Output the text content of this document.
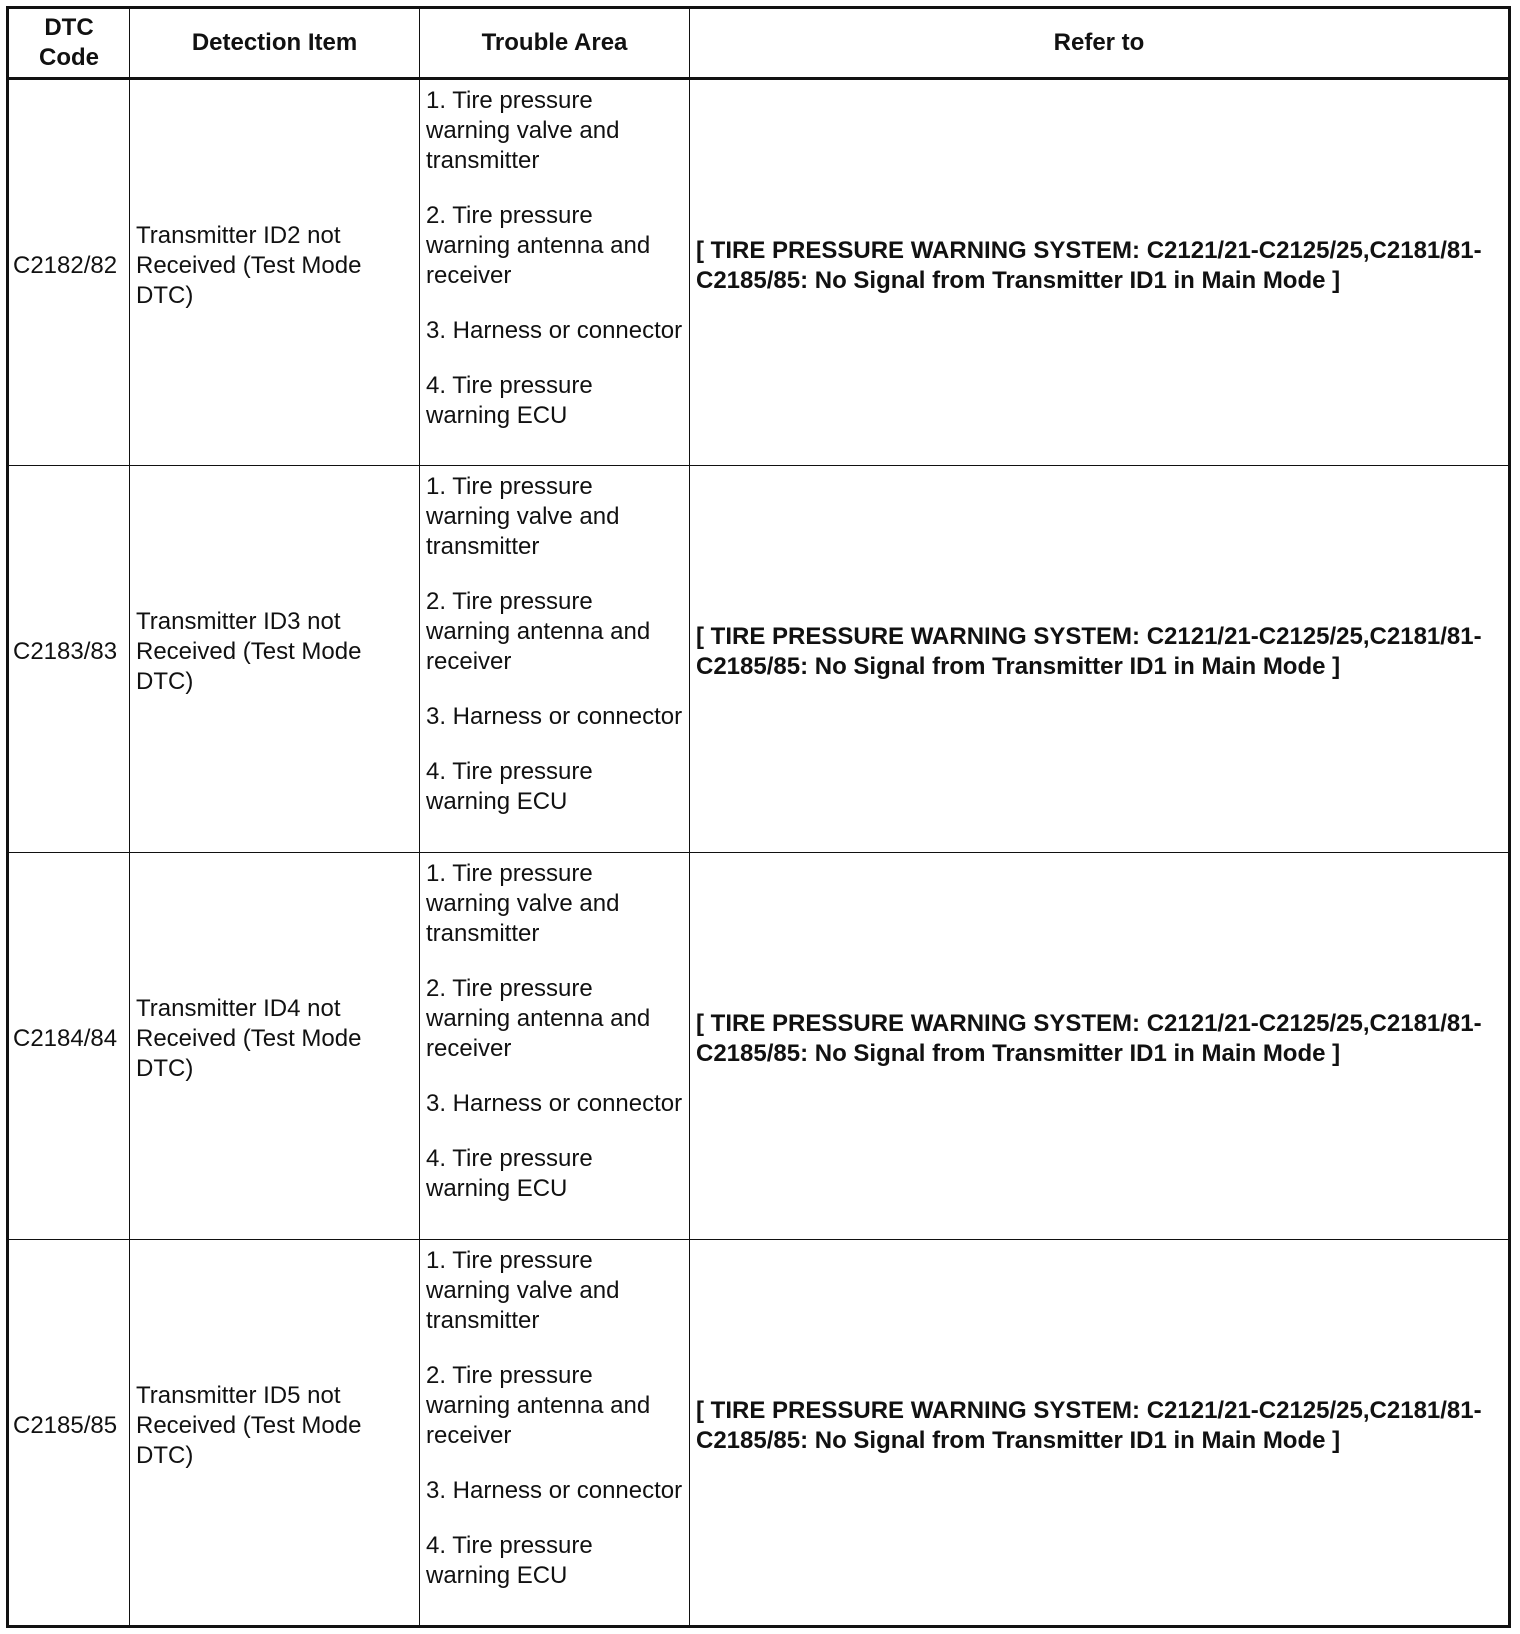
DTC Code	Detection Item	Trouble Area	Refer to
C2182/82	Transmitter ID2 not Received (Test Mode DTC)	1. Tire pressure warning valve and transmitter

2. Tire pressure warning antenna and receiver

3. Harness or connector

4. Tire pressure warning ECU	[ TIRE PRESSURE WARNING SYSTEM: C2121/21-C2125/25,C2181/81-C2185/85: No Signal from Transmitter ID1 in Main Mode ]
C2183/83	Transmitter ID3 not Received (Test Mode DTC)	1. Tire pressure warning valve and transmitter

2. Tire pressure warning antenna and receiver

3. Harness or connector

4. Tire pressure warning ECU	[ TIRE PRESSURE WARNING SYSTEM: C2121/21-C2125/25,C2181/81-C2185/85: No Signal from Transmitter ID1 in Main Mode ]
C2184/84	Transmitter ID4 not Received (Test Mode DTC)	1. Tire pressure warning valve and transmitter

2. Tire pressure warning antenna and receiver

3. Harness or connector

4. Tire pressure warning ECU	[ TIRE PRESSURE WARNING SYSTEM: C2121/21-C2125/25,C2181/81-C2185/85: No Signal from Transmitter ID1 in Main Mode ]
C2185/85	Transmitter ID5 not Received (Test Mode DTC)	1. Tire pressure warning valve and transmitter

2. Tire pressure warning antenna and receiver

3. Harness or connector

4. Tire pressure warning ECU	[ TIRE PRESSURE WARNING SYSTEM: C2121/21-C2125/25,C2181/81-C2185/85: No Signal from Transmitter ID1 in Main Mode ]
